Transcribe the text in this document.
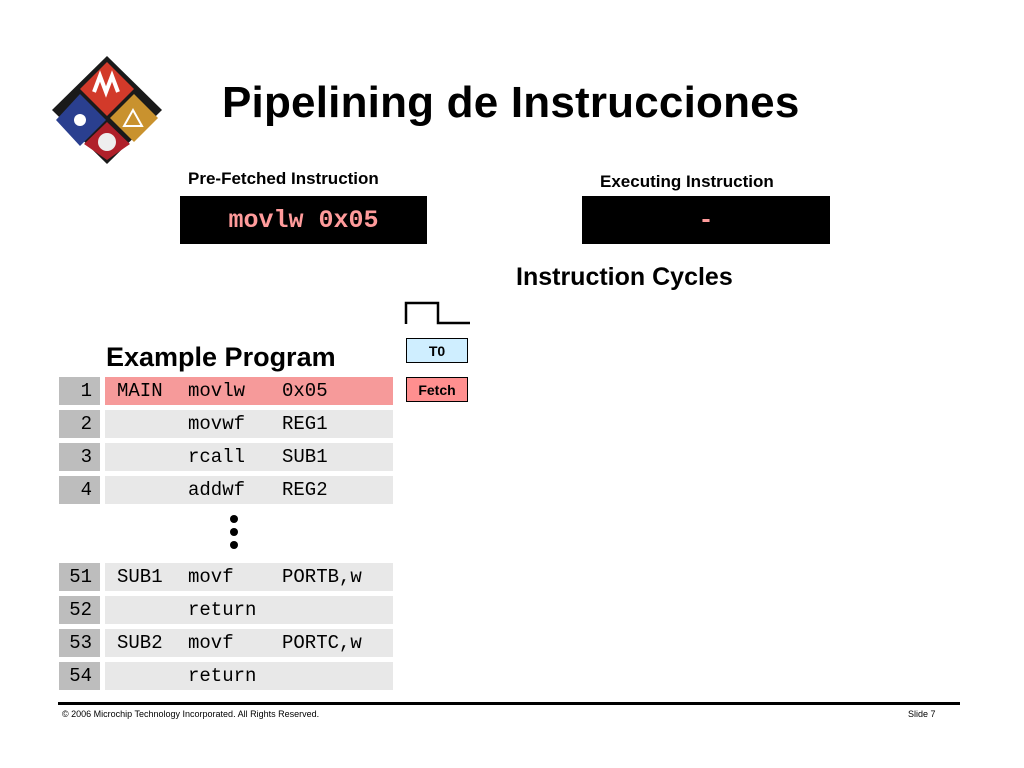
Pipelining de Instrucciones
Pre-Fetched Instruction
movlw 0x05
Executing Instruction
-
Instruction Cycles
T0
Fetch
Example Program
1	MAIN movlw 0x05
2	movwf REG1
3	rcall SUB1
4	addwf REG2
51	SUB1 movf	PORTB,w
52	return
53	SUB2 movf	PORTC,w
54	return
© 2006 Microchip Technology Incorporated. All Rights Reserved.	Slide 7
